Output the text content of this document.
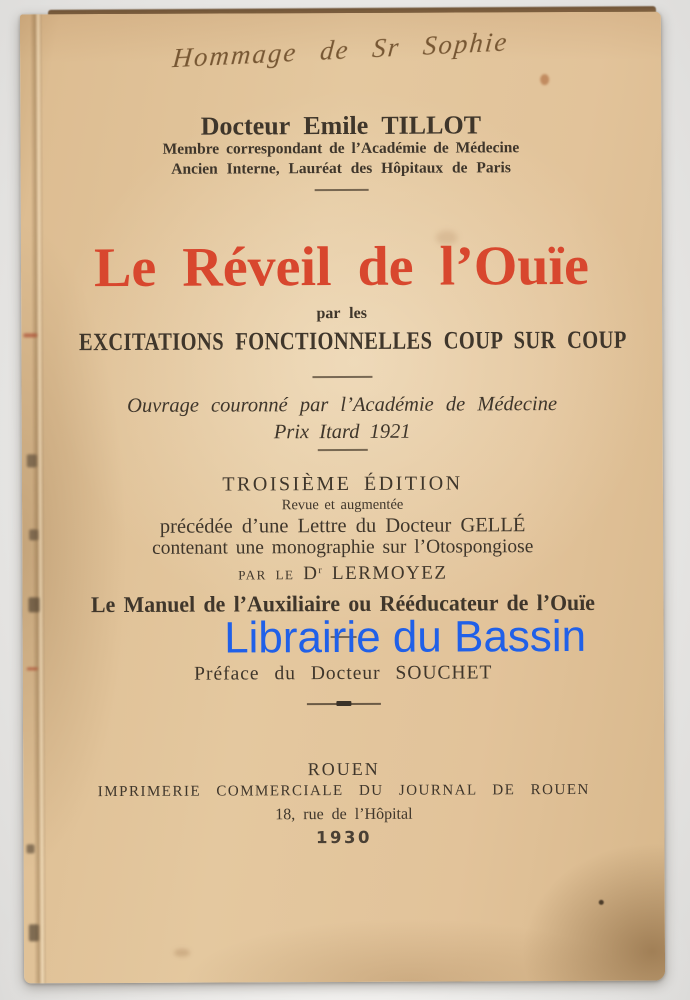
Hommage de Sr Sophie
Docteur Emile TILLOT
Membre correspondant de l’Académie de Médecine
Ancien Interne, Lauréat des Hôpitaux de Paris
Le Réveil de l’Ouïe
par les
EXCITATIONS FONCTIONNELLES COUP SUR COUP
Ouvrage couronné par l’Académie de Médecine
Prix Itard 1921
TROISIÈME ÉDITION
Revue et augmentée
précédée d’une Lettre du Docteur GELLÉ
contenant une monographie sur l’Otospongiose
PAR LE $D^r$ LERMOYEZ
Le Manuel de l’Auxiliaire ou Rééducateur de l’Ouïe
Librairie du Bassin
Préface du Docteur SOUCHET
ROUEN
IMPRIMERIE COMMERCIALE DU JOURNAL DE ROUEN
18, rue de l’Hôpital
1930
